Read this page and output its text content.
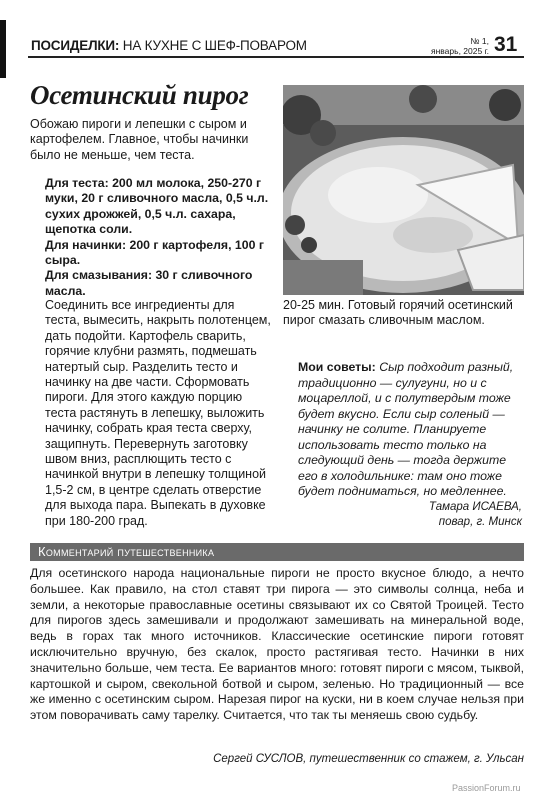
ПОСИДЕЛКИ: НА КУХНЕ С ШЕФ-ПОВАРОМ	№ 1,
январь, 2025 г. 31
Осетинский пирог

Обожаю пироги и лепешки с сыром и картофелем. Главное, чтобы начинки было не меньше, чем теста.

Для теста: 200 мл молока, 250-270 г муки, 20 г сливочного масла, 0,5 ч.л. сухих дрожжей, 0,5 ч.л. сахара, щепотка соли.

Для начинки: 200 г картофеля, 100 г сыра.

Для смазывания: 30 г сливочного масла.

Соединить все ингредиенты для теста, вымесить, накрыть полотенцем, дать подойти. Картофель сварить, горячие клубни размять, подмешать натертый сыр. Разделить тесто и начинку на две части. Сформовать пироги. Для этого каждую порцию теста растянуть в лепешку, выложить начинку, собрать края теста сверху, защипнуть. Перевернуть заготовку швом вниз, расплющить тесто с начинкой внутри в лепешку толщиной 1,5-2 см, в центре сделать отверстие для выхода пара. Выпекать в духовке при 180-200 град.

20-25 мин. Готовый горячий осетинский пирог смазать сливочным маслом.

Мои советы: Сыр подходит разный, традиционно — сулугуни, но и с моцареллой, и с полутвердым тоже будет вкусно. Если сыр соленый — начинку не солите. Планируете использовать тесто только на следующий день — тогда держите его в холодильнике: там оно тоже будет подниматься, но медленнее.

Тамара ИСАЕВА,
повар, г. Минск
Комментарий путешественника

Для осетинского народа национальные пироги не просто вкусное блюдо, а нечто большее. Как правило, на стол ставят три пирога — это символы солнца, неба и земли, а некоторые православные осетины связывают их со Святой Троицей. Тесто для пирогов здесь замешивали и продолжают замешивать на минеральной воде, ведь в горах так много источников. Классические осетинские пироги готовят исключительно вручную, без скалок, просто растягивая тесто. Начинки в них значительно больше, чем теста. Ее вариантов много: готовят пироги с мясом, тыквой, картошкой и сыром, свекольной ботвой и сыром, зеленью. Но традиционный — все же именно с осетинским сыром. Нарезая пирог на куски, ни в коем случае нельзя при этом поворачивать саму тарелку. Считается, что так ты меняешь свою судьбу.

Сергей СУСЛОВ, путешественник со стажем, г. Ульсан
PassionForum.ru
